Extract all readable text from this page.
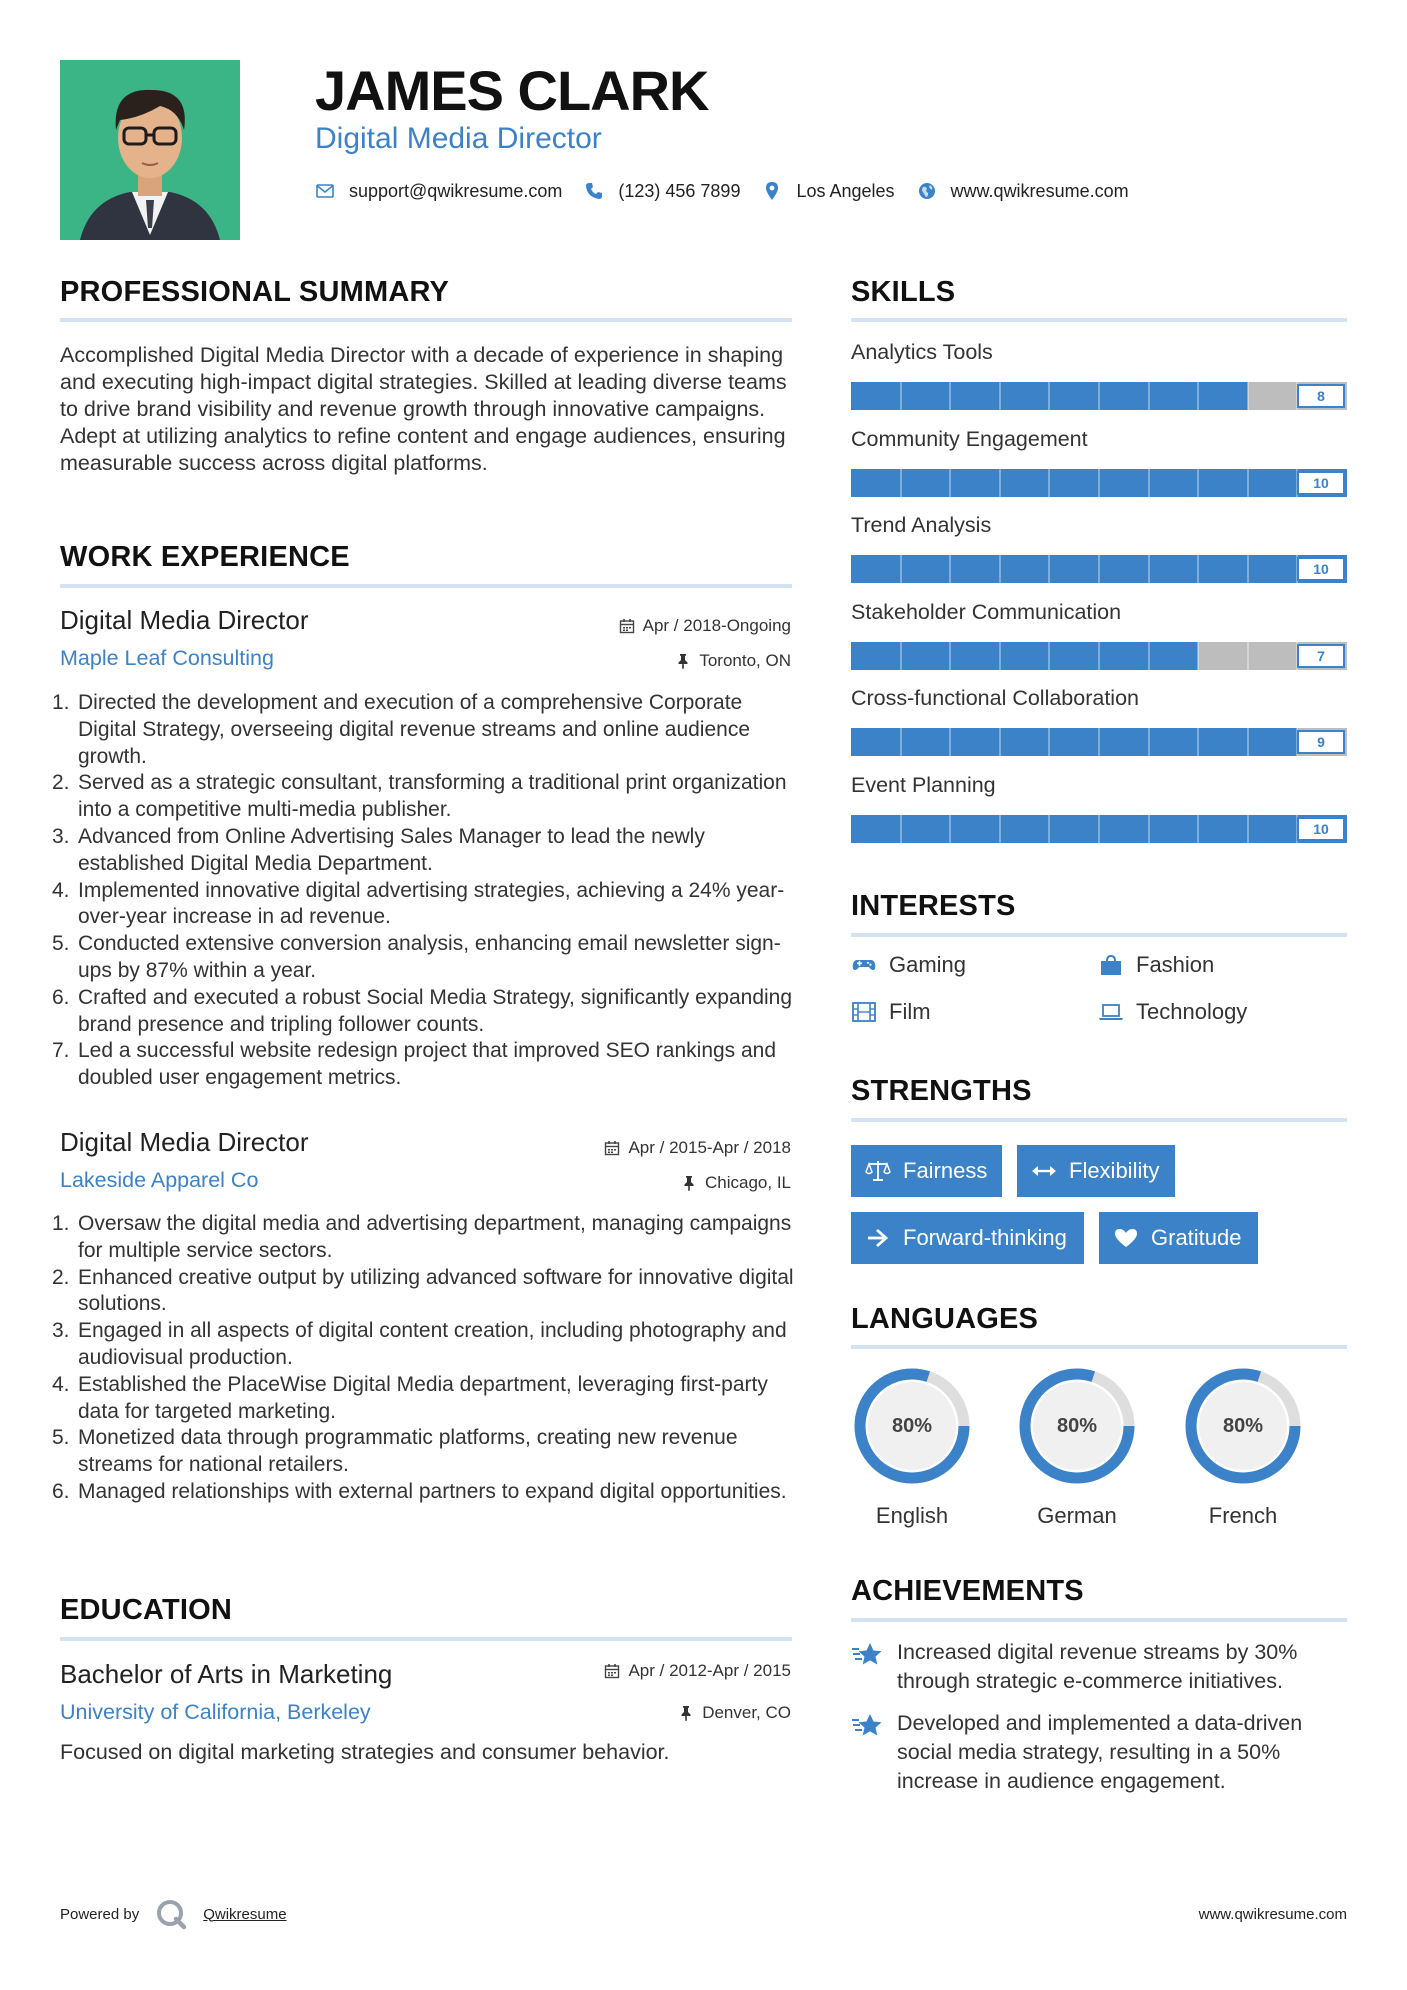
JAMES CLARK
Digital Media Director
support@qwikresume.com	(123) 456 7899	Los Angeles	www.qwikresume.com
PROFESSIONAL SUMMARY
Accomplished Digital Media Director with a decade of experience in shaping and executing high-impact digital strategies. Skilled at leading diverse teams to drive brand visibility and revenue growth through innovative campaigns. Adept at utilizing analytics to refine content and engage audiences, ensuring measurable success across digital platforms.
WORK EXPERIENCE
Digital Media Director	Apr / 2018-Ongoing
Maple Leaf Consulting	Toronto, ON
1. Directed the development and execution of a comprehensive Corporate Digital Strategy, overseeing digital revenue streams and online audience growth.
2. Served as a strategic consultant, transforming a traditional print organization into a competitive multi-media publisher.
3. Advanced from Online Advertising Sales Manager to lead the newly established Digital Media Department.
4. Implemented innovative digital advertising strategies, achieving a 24% year-over-year increase in ad revenue.
5. Conducted extensive conversion analysis, enhancing email newsletter sign-ups by 87% within a year.
6. Crafted and executed a robust Social Media Strategy, significantly expanding brand presence and tripling follower counts.
7. Led a successful website redesign project that improved SEO rankings and doubled user engagement metrics.
Digital Media Director	Apr / 2015-Apr / 2018
Lakeside Apparel Co	Chicago, IL
1. Oversaw the digital media and advertising department, managing campaigns for multiple service sectors.
2. Enhanced creative output by utilizing advanced software for innovative digital solutions.
3. Engaged in all aspects of digital content creation, including photography and audiovisual production.
4. Established the PlaceWise Digital Media department, leveraging first-party data for targeted marketing.
5. Monetized data through programmatic platforms, creating new revenue streams for national retailers.
6. Managed relationships with external partners to expand digital opportunities.
EDUCATION
Bachelor of Arts in Marketing	Apr / 2012-Apr / 2015
University of California, Berkeley	Denver, CO
Focused on digital marketing strategies and consumer behavior.
SKILLS
Analytics Tools
8
Community Engagement
10
Trend Analysis
10
Stakeholder Communication
7
Cross-functional Collaboration
9
Event Planning
10
INTERESTS
Gaming	Fashion
Film	Technology
STRENGTHS
Fairness	Flexibility
Forward-thinking	Gratitude
LANGUAGES
80%
English
80%
German
80%
French
ACHIEVEMENTS
Increased digital revenue streams by 30% through strategic e-commerce initiatives.
Developed and implemented a data-driven social media strategy, resulting in a 50% increase in audience engagement.
Powered by	Qwikresume	www.qwikresume.com
